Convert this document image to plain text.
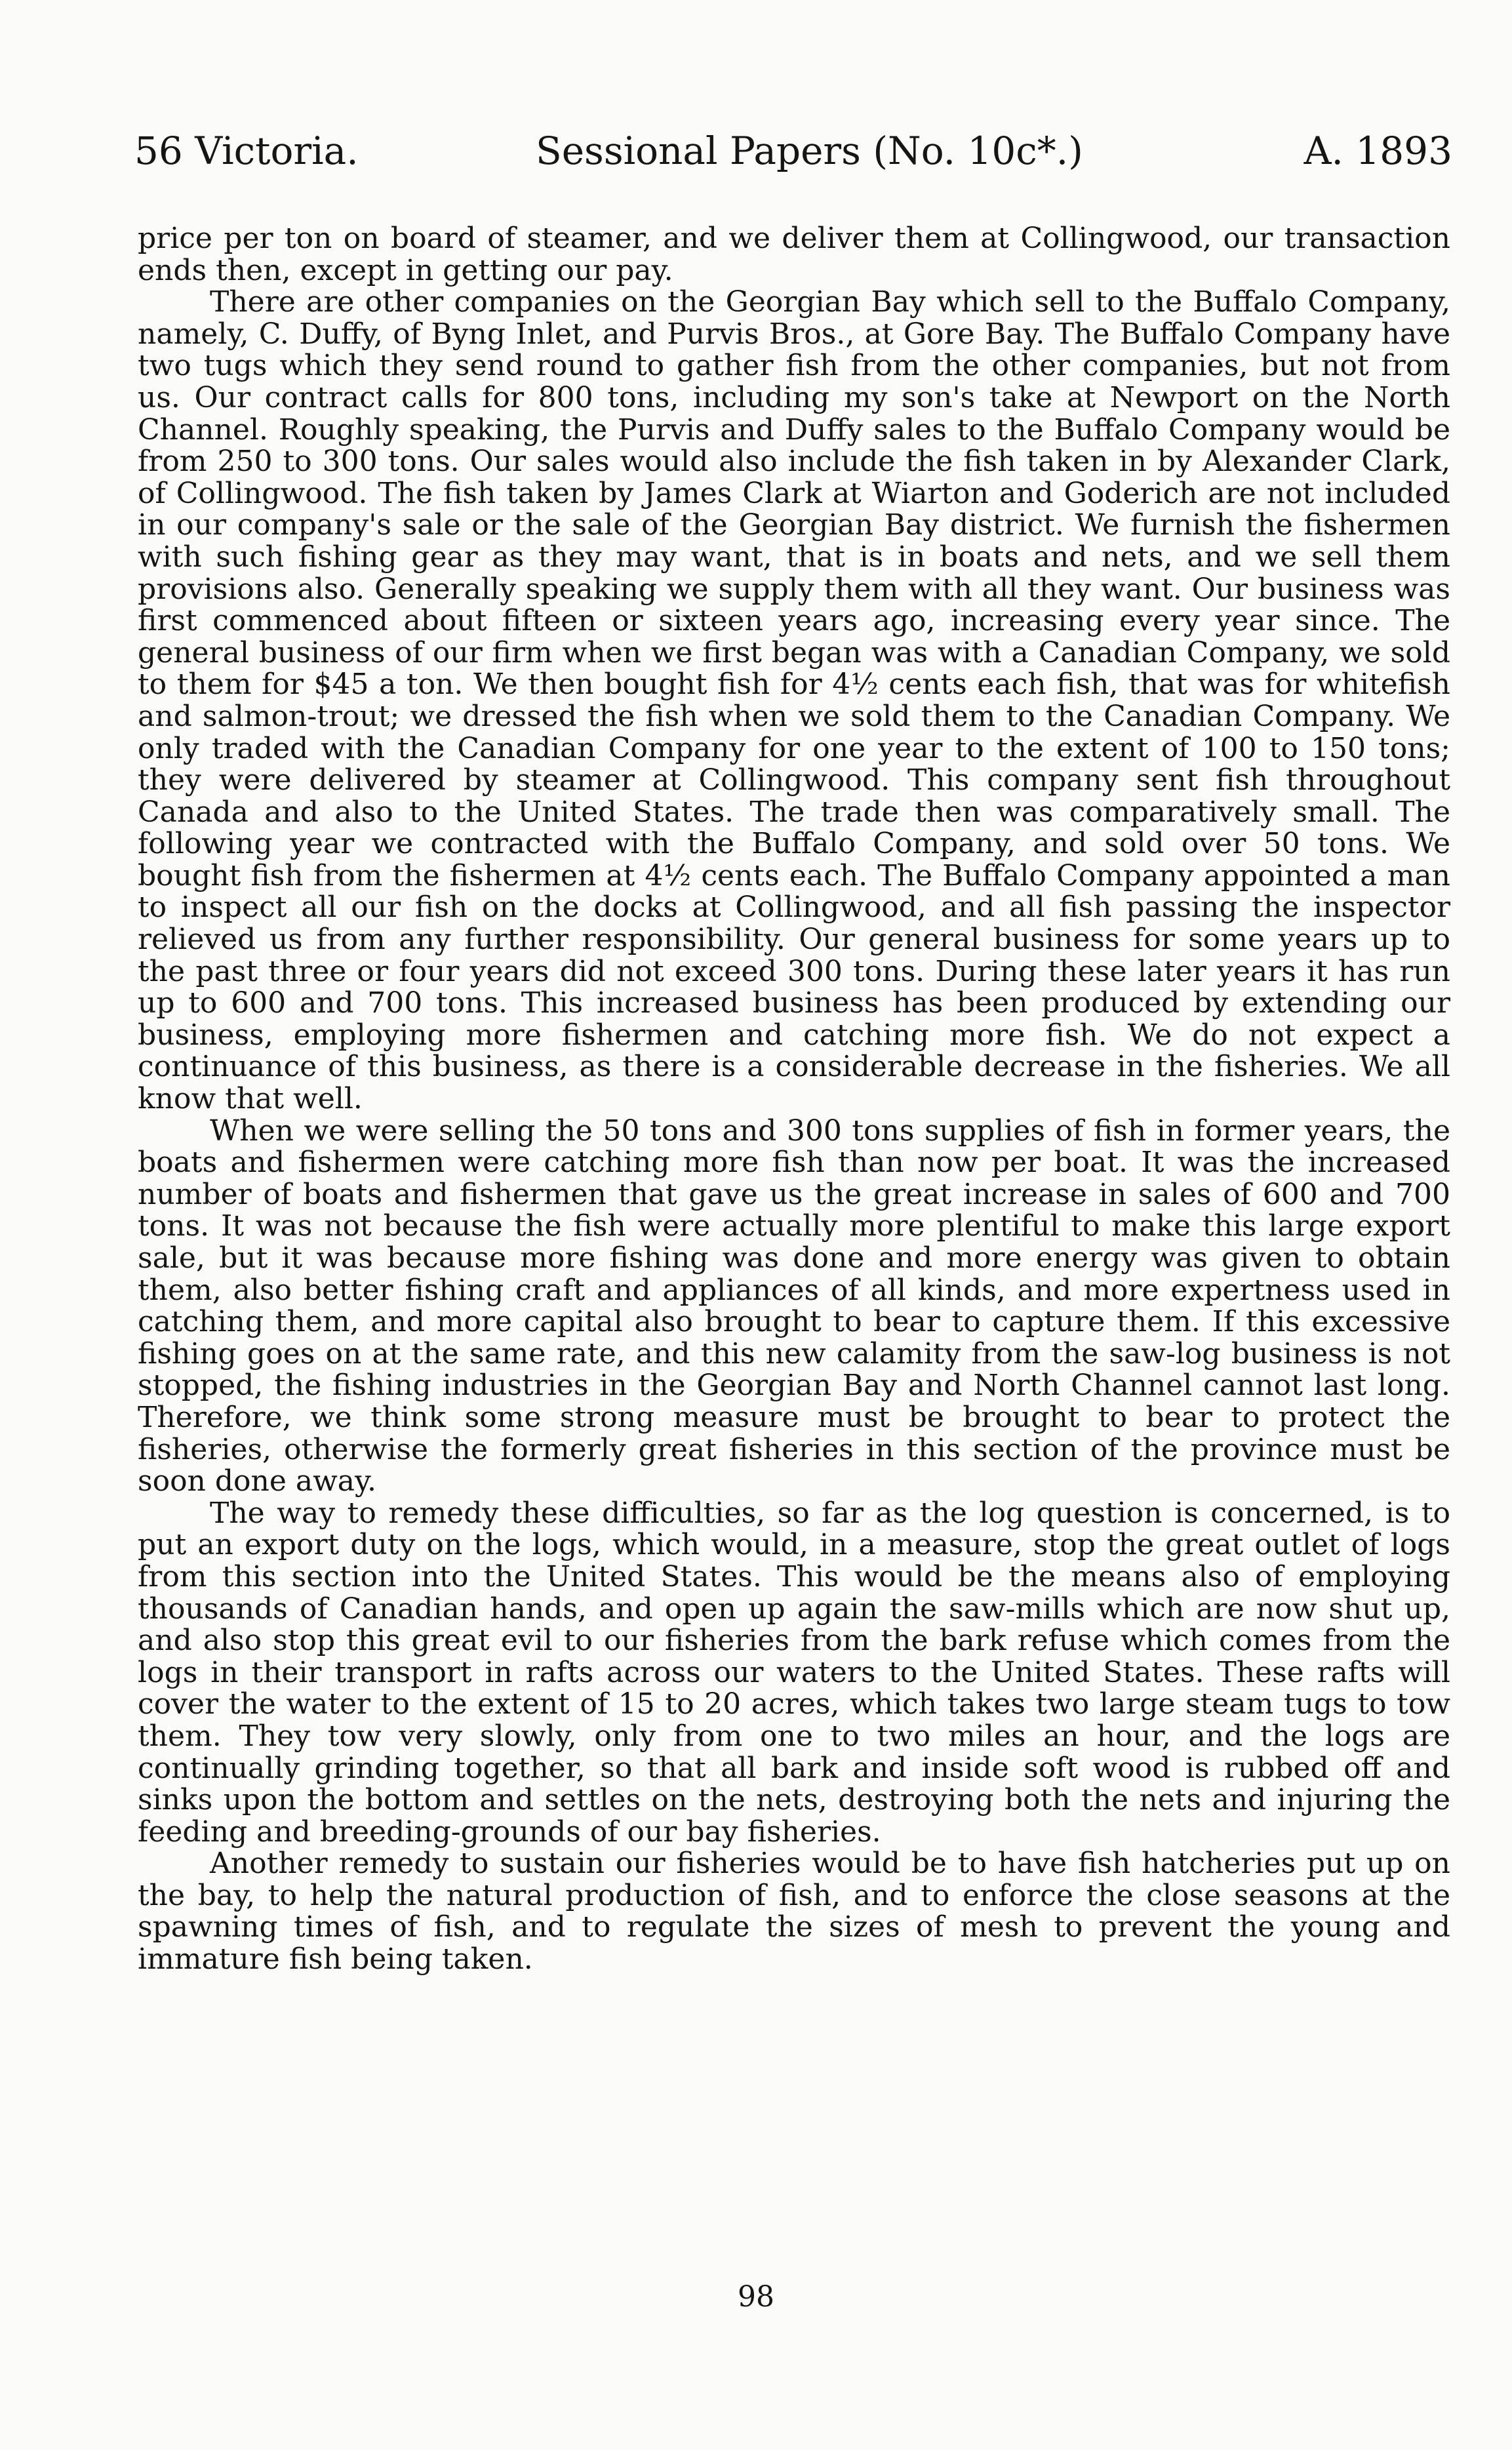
56 Victoria.	Sessional Papers (No. 10c*.)	A. 1893

price per ton on board of steamer, and we deliver them at Collingwood, our transaction ends then, except in getting our pay.

There are other companies on the Georgian Bay which sell to the Buffalo Company, namely, C. Duffy, of Byng Inlet, and Purvis Bros., at Gore Bay. The Buffalo Company have two tugs which they send round to gather fish from the other companies, but not from us. Our contract calls for 800 tons, including my son's take at Newport on the North Channel. Roughly speaking, the Purvis and Duffy sales to the Buffalo Company would be from 250 to 300 tons. Our sales would also include the fish taken in by Alexander Clark, of Collingwood. The fish taken by James Clark at Wiarton and Goderich are not included in our company's sale or the sale of the Georgian Bay district. We furnish the fishermen with such fishing gear as they may want, that is in boats and nets, and we sell them provisions also. Generally speaking we supply them with all they want. Our business was first commenced about fifteen or sixteen years ago, increasing every year since. The general business of our firm when we first began was with a Canadian Company, we sold to them for $45 a ton. We then bought fish for 4½ cents each fish, that was for whitefish and salmon-trout; we dressed the fish when we sold them to the Canadian Company. We only traded with the Canadian Company for one year to the extent of 100 to 150 tons; they were delivered by steamer at Collingwood. This company sent fish throughout Canada and also to the United States. The trade then was comparatively small. The following year we contracted with the Buffalo Company, and sold over 50 tons. We bought fish from the fishermen at 4½ cents each. The Buffalo Company appointed a man to inspect all our fish on the docks at Collingwood, and all fish passing the inspector relieved us from any further responsibility. Our general business for some years up to the past three or four years did not exceed 300 tons. During these later years it has run up to 600 and 700 tons. This increased business has been produced by extending our business, employing more fishermen and catching more fish. We do not expect a continuance of this business, as there is a considerable decrease in the fisheries. We all know that well.

When we were selling the 50 tons and 300 tons supplies of fish in former years, the boats and fishermen were catching more fish than now per boat. It was the increased number of boats and fishermen that gave us the great increase in sales of 600 and 700 tons. It was not because the fish were actually more plentiful to make this large export sale, but it was because more fishing was done and more energy was given to obtain them, also better fishing craft and appliances of all kinds, and more expertness used in catching them, and more capital also brought to bear to capture them. If this excessive fishing goes on at the same rate, and this new calamity from the saw-log business is not stopped, the fishing industries in the Georgian Bay and North Channel cannot last long. Therefore, we think some strong measure must be brought to bear to protect the fisheries, otherwise the formerly great fisheries in this section of the province must be soon done away.

The way to remedy these difficulties, so far as the log question is concerned, is to put an export duty on the logs, which would, in a measure, stop the great outlet of logs from this section into the United States. This would be the means also of employing thousands of Canadian hands, and open up again the saw-mills which are now shut up, and also stop this great evil to our fisheries from the bark refuse which comes from the logs in their transport in rafts across our waters to the United States. These rafts will cover the water to the extent of 15 to 20 acres, which takes two large steam tugs to tow them. They tow very slowly, only from one to two miles an hour, and the logs are continually grinding together, so that all bark and inside soft wood is rubbed off and sinks upon the bottom and settles on the nets, destroying both the nets and injuring the feeding and breeding-grounds of our bay fisheries.

Another remedy to sustain our fisheries would be to have fish hatcheries put up on the bay, to help the natural production of fish, and to enforce the close seasons at the spawning times of fish, and to regulate the sizes of mesh to prevent the young and immature fish being taken.

98
